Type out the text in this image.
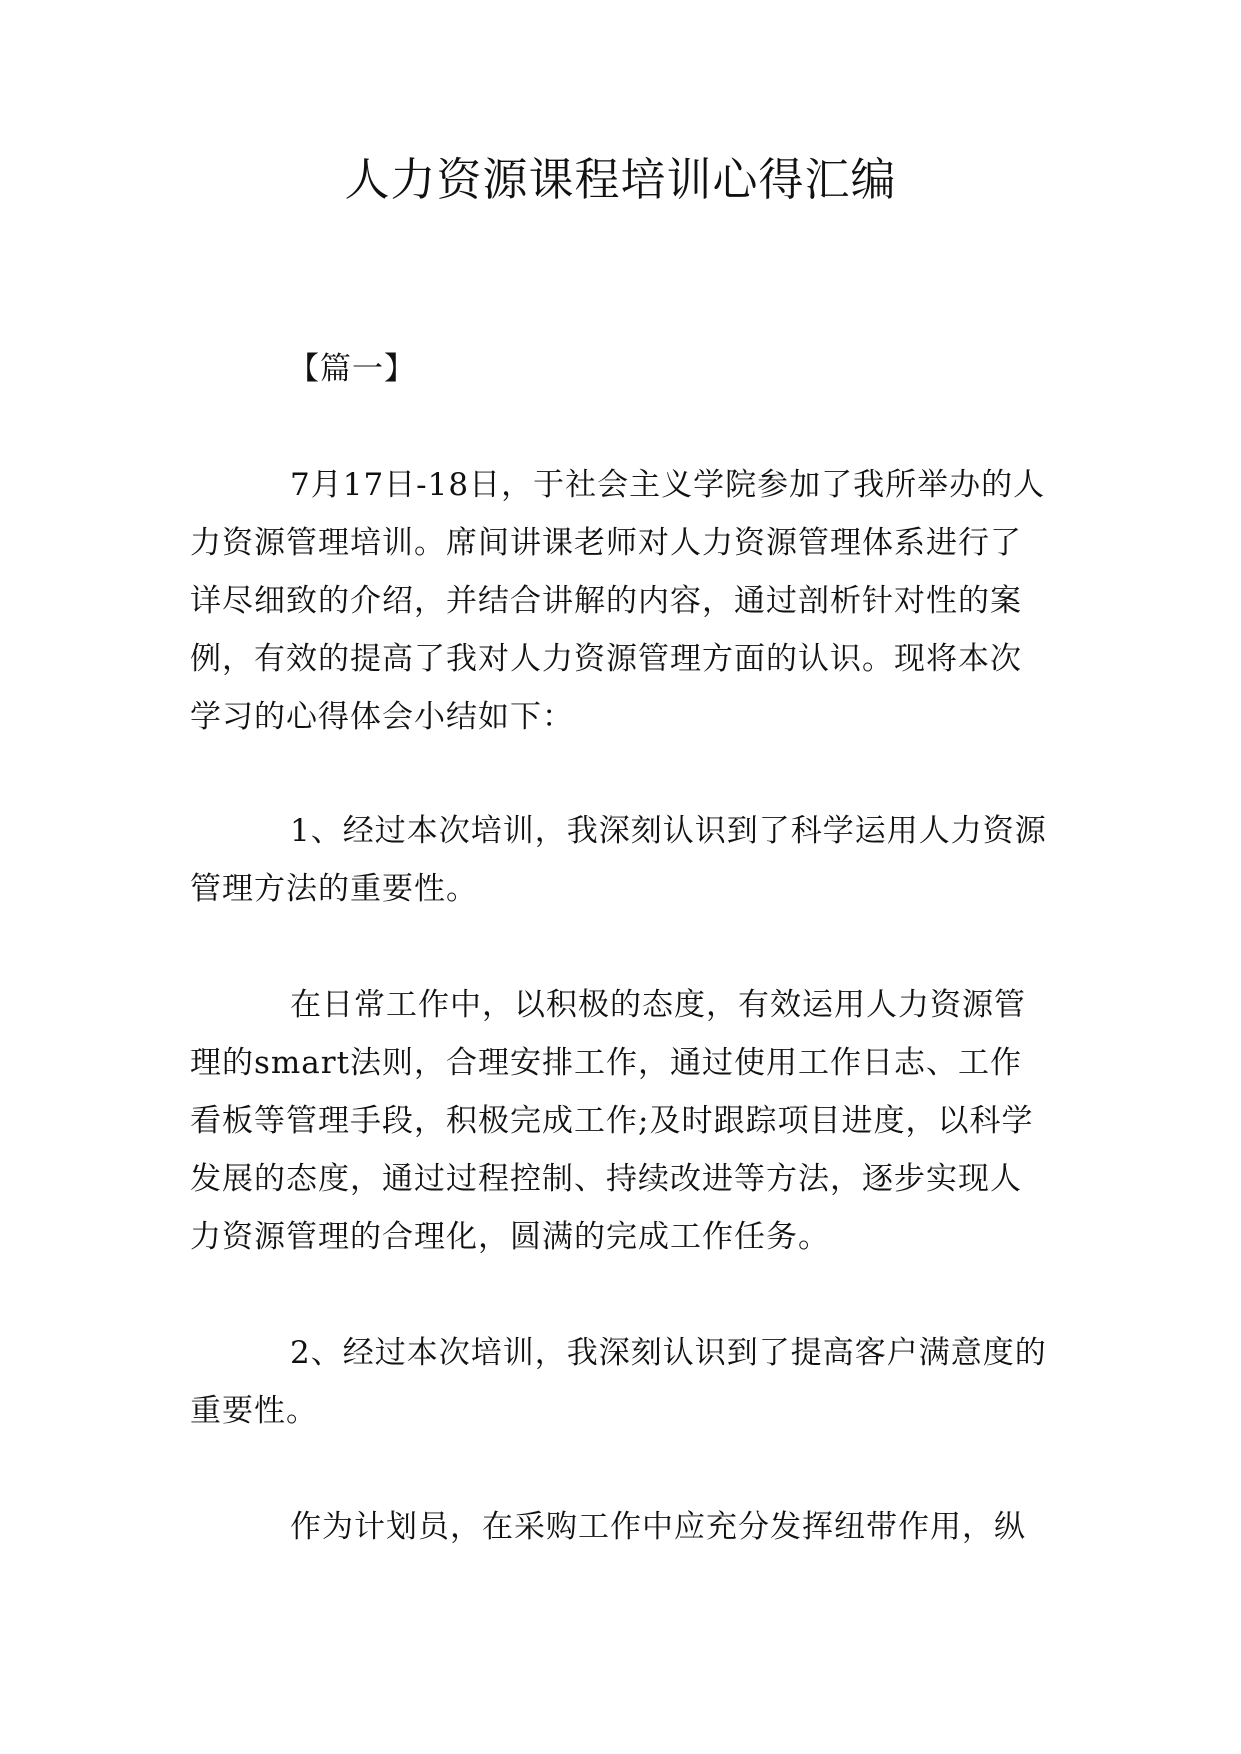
人力资源课程培训心得汇编

【篇一】

7月17日-18日，于社会主义学院参加了我所举办的人力资源管理培训。席间讲课老师对人力资源管理体系进行了详尽细致的介绍，并结合讲解的内容，通过剖析针对性的案例，有效的提高了我对人力资源管理方面的认识。现将本次学习的心得体会小结如下：

1、经过本次培训，我深刻认识到了科学运用人力资源管理方法的重要性。

在日常工作中，以积极的态度，有效运用人力资源管理的smart法则，合理安排工作，通过使用工作日志、工作看板等管理手段，积极完成工作;及时跟踪项目进度，以科学发展的态度，通过过程控制、持续改进等方法，逐步实现人力资源管理的合理化，圆满的完成工作任务。

2、经过本次培训，我深刻认识到了提高客户满意度的重要性。

作为计划员，在采购工作中应充分发挥纽带作用，纵
